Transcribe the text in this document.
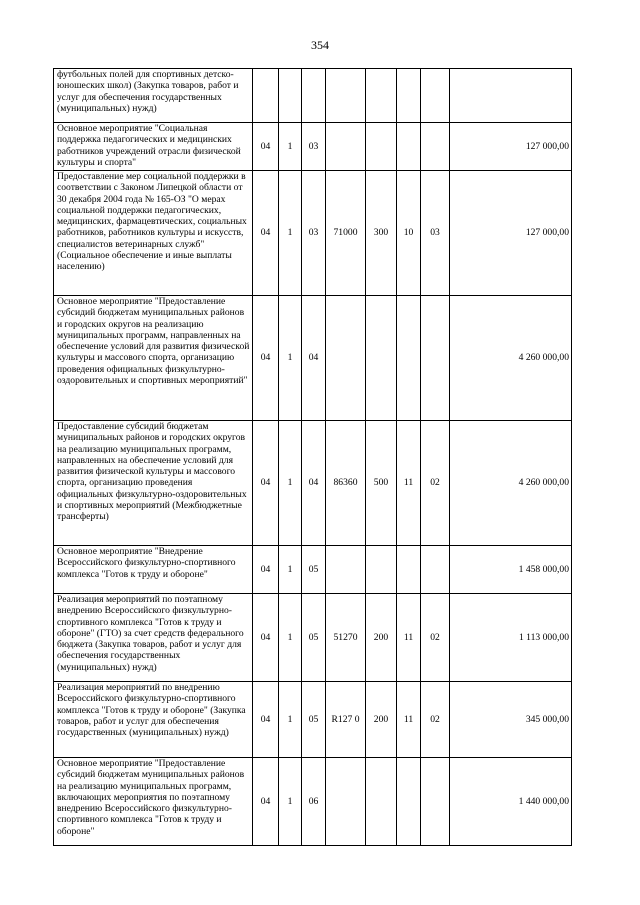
354
футбольных полей для спортивных детско-юношеских школ) (Закупка товаров, работ и услуг для обеспечения государственных (муниципальных) нужд)								
Основное мероприятие "Социальная поддержка педагогических и медицинских работников учреждений отрасли физической культуры и спорта"	04	1	03					127 000,00
Предоставление мер социальной поддержки в соответствии с Законом Липецкой области от 30 декабря 2004 года № 165-ОЗ "О мерах социальной поддержки педагогических, медицинских, фармацевтических, социальных работников, работников культуры и искусств, специалистов ветеринарных служб" (Социальное обеспечение и иные выплаты населению)	04	1	03	71000	300	10	03	127 000,00
Основное мероприятие "Предоставление субсидий бюджетам муниципальных районов и городских округов на реализацию муниципальных программ, направленных на обеспечение условий для развития физической культуры и массового спорта, организацию проведения официальных физкультурно-оздоровительных и спортивных мероприятий"	04	1	04					4 260 000,00
Предоставление субсидий бюджетам муниципальных районов и городских округов на реализацию муниципальных программ, направленных на обеспечение условий для развития физической культуры и массового спорта, организацию проведения официальных физкультурно-оздоровительных и спортивных мероприятий (Межбюджетные трансферты)	04	1	04	86360	500	11	02	4 260 000,00
Основное мероприятие "Внедрение Всероссийского физкультурно-спортивного комплекса "Готов к труду и обороне"	04	1	05					1 458 000,00
Реализация мероприятий по поэтапному внедрению Всероссийского физкультурно-спортивного комплекса "Готов к труду и обороне" (ГТО) за счет средств федерального бюджета (Закупка товаров, работ и услуг для обеспечения государственных (муниципальных) нужд)	04	1	05	51270	200	11	02	1 113 000,00
Реализация мероприятий по внедрению Всероссийского физкультурно-спортивного комплекса "Готов к труду и обороне" (Закупка товаров, работ и услуг для обеспечения государственных (муниципальных) нужд)	04	1	05	R127 0	200	11	02	345 000,00
Основное мероприятие "Предоставление субсидий бюджетам муниципальных районов на реализацию муниципальных программ, включающих мероприятия по поэтапному внедрению Всероссийского физкультурно-спортивного комплекса "Готов к труду и обороне"	04	1	06					1 440 000,00
